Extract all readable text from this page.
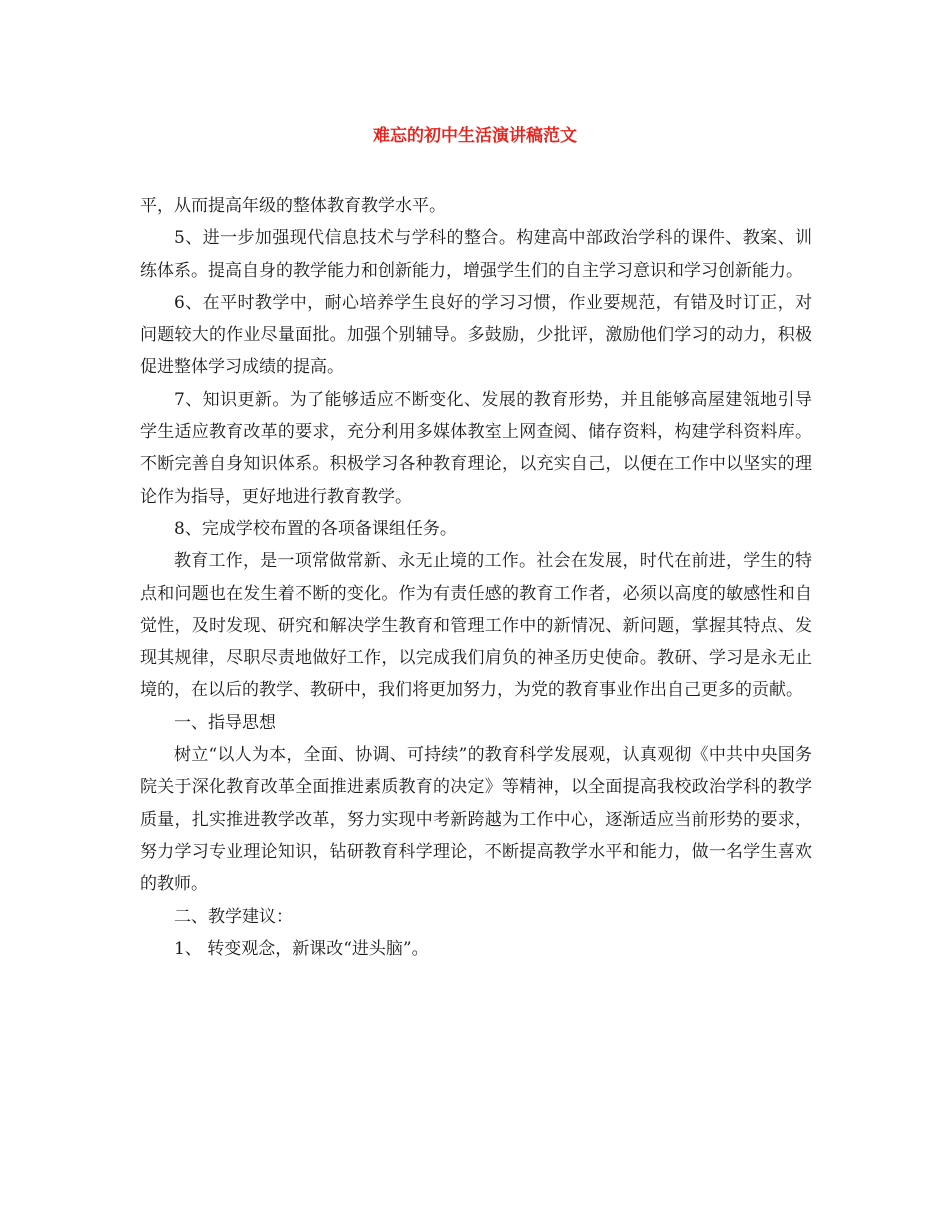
难忘的初中生活演讲稿范文

平，从而提高年级的整体教育教学水平。

5、进一步加强现代信息技术与学科的整合。构建高中部政治学科的课件、教案、训练体系。提高自身的教学能力和创新能力，增强学生们的自主学习意识和学习创新能力。

6、在平时教学中，耐心培养学生良好的学习习惯，作业要规范，有错及时订正，对问题较大的作业尽量面批。加强个别辅导。多鼓励，少批评，激励他们学习的动力，积极促进整体学习成绩的提高。

7、知识更新。为了能够适应不断变化、发展的教育形势，并且能够高屋建瓴地引导学生适应教育改革的要求，充分利用多媒体教室上网查阅、储存资料，构建学科资料库。不断完善自身知识体系。积极学习各种教育理论，以充实自己，以便在工作中以坚实的理论作为指导，更好地进行教育教学。

8、完成学校布置的各项备课组任务。

教育工作，是一项常做常新、永无止境的工作。社会在发展，时代在前进，学生的特点和问题也在发生着不断的变化。作为有责任感的教育工作者，必须以高度的敏感性和自觉性，及时发现、研究和解决学生教育和管理工作中的新情况、新问题，掌握其特点、发现其规律，尽职尽责地做好工作，以完成我们肩负的神圣历史使命。教研、学习是永无止境的，在以后的教学、教研中，我们将更加努力，为党的教育事业作出自己更多的贡献。

一、指导思想

树立“以人为本，全面、协调、可持续”的教育科学发展观，认真观彻《中共中央国务院关于深化教育改革全面推进素质教育的决定》等精神，以全面提高我校政治学科的教学质量，扎实推进教学改革，努力实现中考新跨越为工作中心，逐渐适应当前形势的要求，努力学习专业理论知识，钻研教育科学理论，不断提高教学水平和能力，做一名学生喜欢的教师。

二、教学建议：

1、 转变观念，新课改“进头脑”。
